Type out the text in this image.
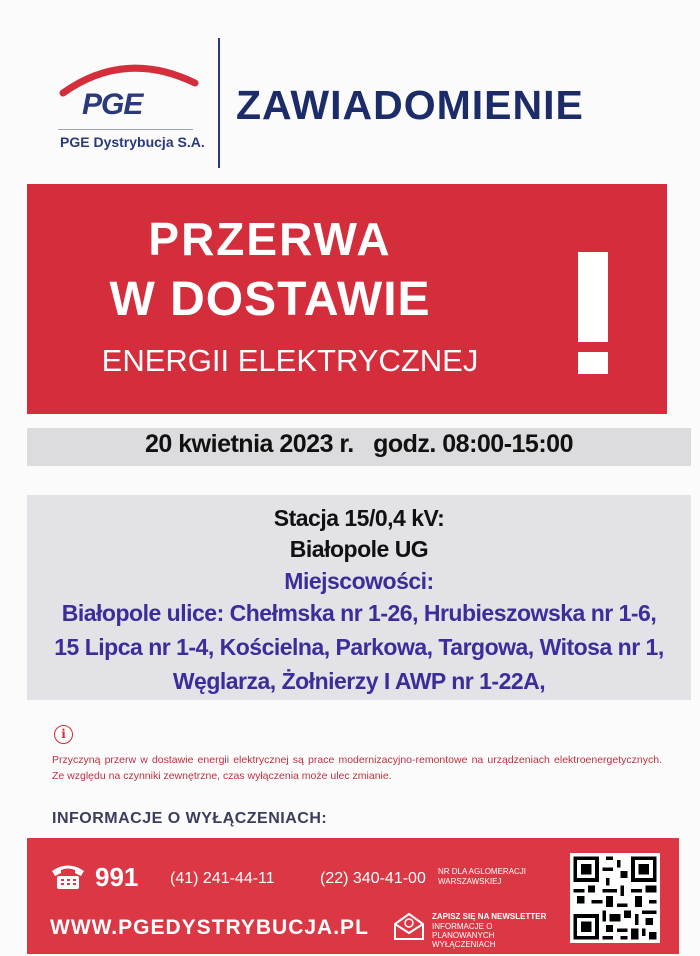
PGE
PGE Dystrybucja S.A.
ZAWIADOMIENIE
PRZERWA
W DOSTAWIE
ENERGII ELEKTRYCZNEJ
20 kwietnia 2023 r. godz. 08:00-15:00
Stacja 15/0,4 kV:
Białopole UG
Miejscowości:
Białopole ulice: Chełmska nr 1-26, Hrubieszowska nr 1-6,
15 Lipca nr 1-4, Kościelna, Parkowa, Targowa, Witosa nr 1,
Węglarza, Żołnierzy I AWP nr 1-22A,
i
Przyczyną przerw w dostawie energii elektrycznej są prace modernizacyjno-remontowe na urządzeniach elektroenergetycznych. Ze względu na czynniki zewnętrzne, czas wyłączenia może ulec zmianie.
INFORMACJE O WYŁĄCZENIACH:
991 (41) 241-44-11	(22) 340-41-00 NR DLA AGLOMERACJI WARSZAWSKIEJ
WWW.PGEDYSTRYBUCJA.PL	ZAPISZ SIĘ NA NEWSLETTER
INFORMACJE O PLANOWANYCH WYŁĄCZENIACH
